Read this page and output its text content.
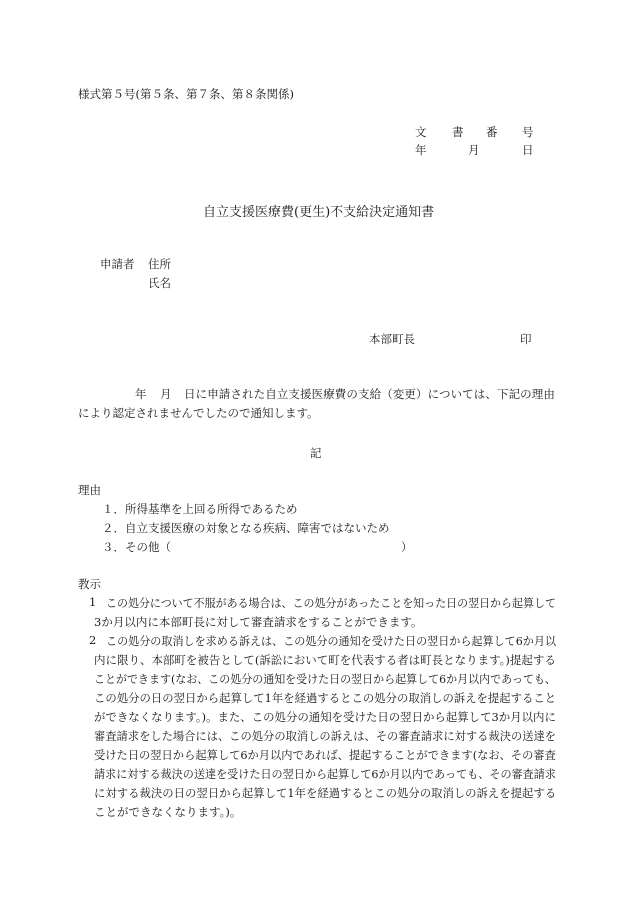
様式第５号(第５条、第７条、第８条関係)
文 書 番 号
年	月	日
自立支援医療費(更生)不支給決定通知書
申請者 住所
氏名
本部町長	印
年 月 日に申請された自立支援医療費の支給（変更）については、下記の理由
により認定されませんでしたので通知します。
記
理由
１．所得基準を上回る所得であるため
２．自立支援医療の対象となる疾病、障害ではないため
３．その他（	）
教示
1 この処分について不服がある場合は、この処分があったことを知った日の翌日から起算して
3か月以内に本部町長に対して審査請求をすることができます。
2 この処分の取消しを求める訴えは、この処分の通知を受けた日の翌日から起算して6か月以
内に限り、本部町を被告として(訴訟において町を代表する者は町長となります。)提起する
ことができます(なお、この処分の通知を受けた日の翌日から起算して6か月以内であっても、
この処分の日の翌日から起算して1年を経過するとこの処分の取消しの訴えを提起すること
ができなくなります。)。また、この処分の通知を受けた日の翌日から起算して3か月以内に
審査請求をした場合には、この処分の取消しの訴えは、その審査請求に対する裁決の送達を
受けた日の翌日から起算して6か月以内であれば、提起することができます(なお、その審査
請求に対する裁決の送達を受けた日の翌日から起算して6か月以内であっても、その審査請求
に対する裁決の日の翌日から起算して1年を経過するとこの処分の取消しの訴えを提起する
ことができなくなります。)。
